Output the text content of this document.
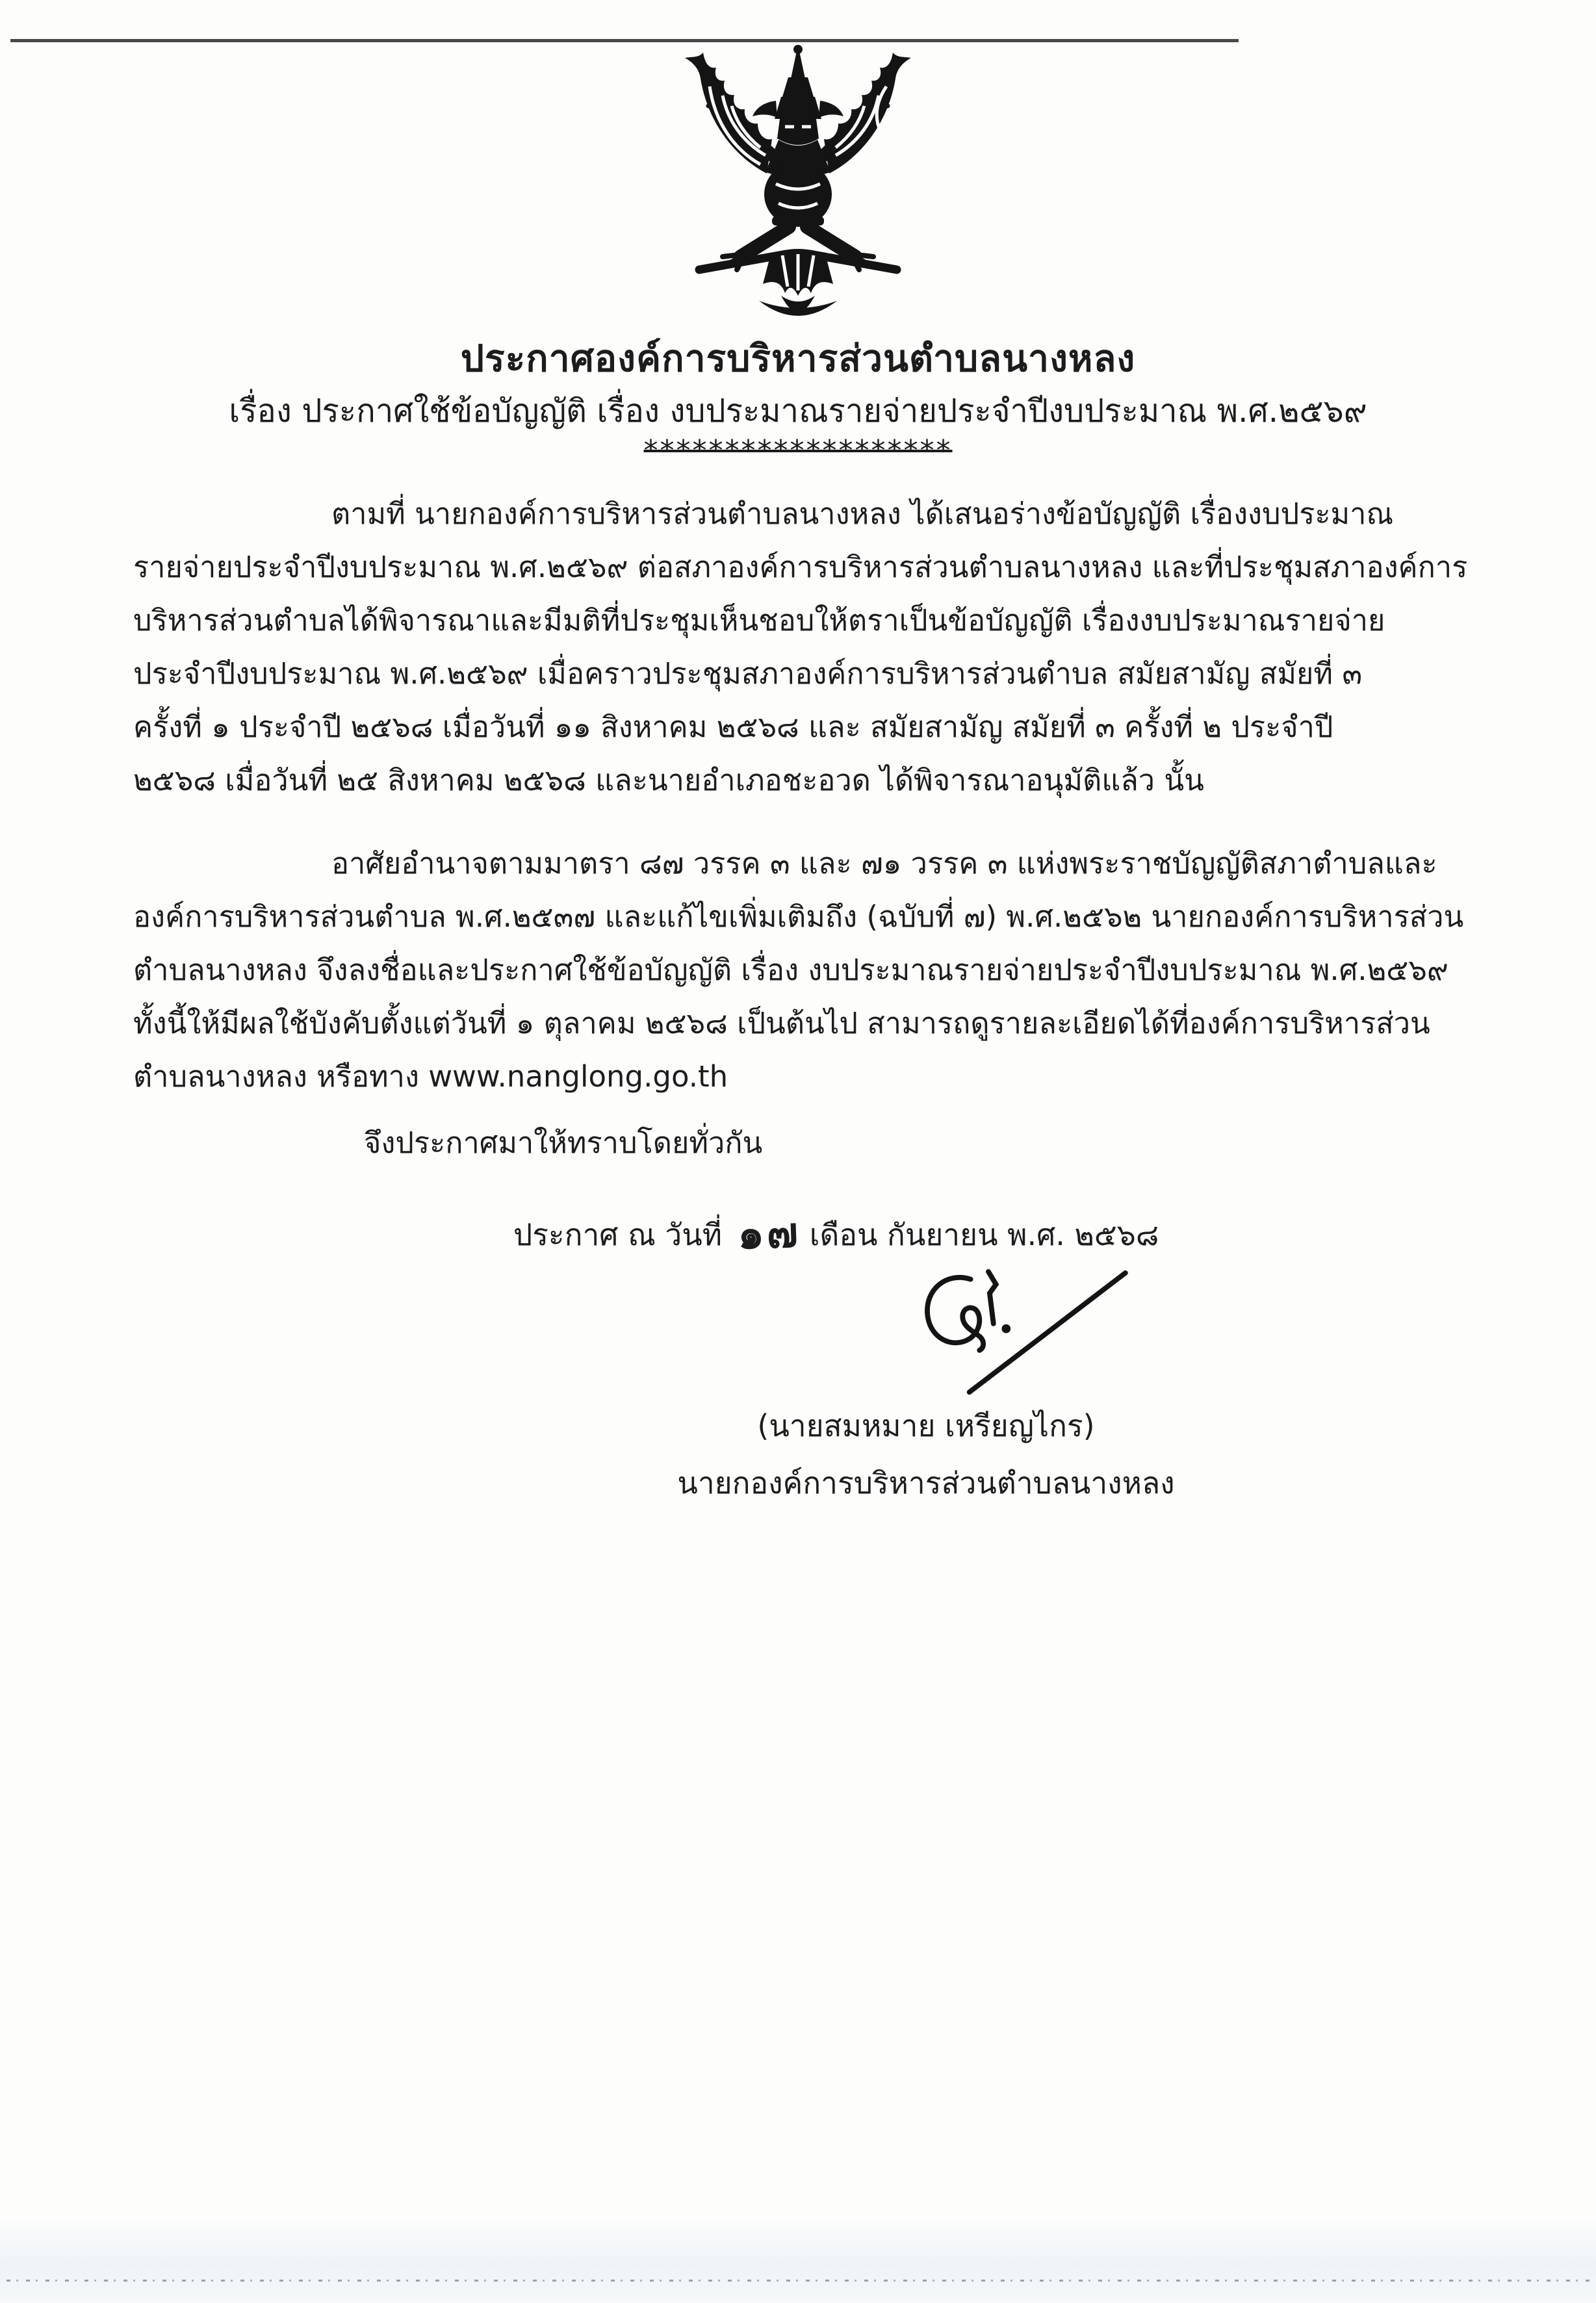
ประกาศองค์การบริหารส่วนตำบลนางหลง
เรื่อง ประกาศใช้ข้อบัญญัติ เรื่อง งบประมาณรายจ่ายประจำปีงบประมาณ พ.ศ.๒๕๖๙
*******************
ตามที่ นายกองค์การบริหารส่วนตำบลนางหลง ได้เสนอร่างข้อบัญญัติ เรื่องงบประมาณ
รายจ่ายประจำปีงบประมาณ พ.ศ.๒๕๖๙ ต่อสภาองค์การบริหารส่วนตำบลนางหลง และที่ประชุมสภาองค์การ
บริหารส่วนตำบลได้พิจารณาและมีมติที่ประชุมเห็นชอบให้ตราเป็นข้อบัญญัติ เรื่องงบประมาณรายจ่าย
ประจำปีงบประมาณ พ.ศ.๒๕๖๙ เมื่อคราวประชุมสภาองค์การบริหารส่วนตำบล สมัยสามัญ สมัยที่ ๓
ครั้งที่ ๑ ประจำปี ๒๕๖๘ เมื่อวันที่ ๑๑ สิงหาคม ๒๕๖๘ และ สมัยสามัญ สมัยที่ ๓ ครั้งที่ ๒ ประจำปี
๒๕๖๘ เมื่อวันที่ ๒๕ สิงหาคม ๒๕๖๘ และนายอำเภอชะอวด ได้พิจารณาอนุมัติแล้ว นั้น
อาศัยอำนาจตามมาตรา ๘๗ วรรค ๓ และ ๗๑ วรรค ๓ แห่งพระราชบัญญัติสภาตำบลและ
องค์การบริหารส่วนตำบล พ.ศ.๒๕๓๗ และแก้ไขเพิ่มเติมถึง (ฉบับที่ ๗) พ.ศ.๒๕๖๒ นายกองค์การบริหารส่วน
ตำบลนางหลง จึงลงชื่อและประกาศใช้ข้อบัญญัติ เรื่อง งบประมาณรายจ่ายประจำปีงบประมาณ พ.ศ.๒๕๖๙
ทั้งนี้ให้มีผลใช้บังคับตั้งแต่วันที่ ๑ ตุลาคม ๒๕๖๘ เป็นต้นไป สามารถดูรายละเอียดได้ที่องค์การบริหารส่วน
ตำบลนางหลง หรือทาง www.nanglong.go.th
จึงประกาศมาให้ทราบโดยทั่วกัน
ประกาศ ณ วันที่ ๑๗ เดือน กันยายน พ.ศ. ๒๕๖๘
(นายสมหมาย เหรียญไกร)
นายกองค์การบริหารส่วนตำบลนางหลง
